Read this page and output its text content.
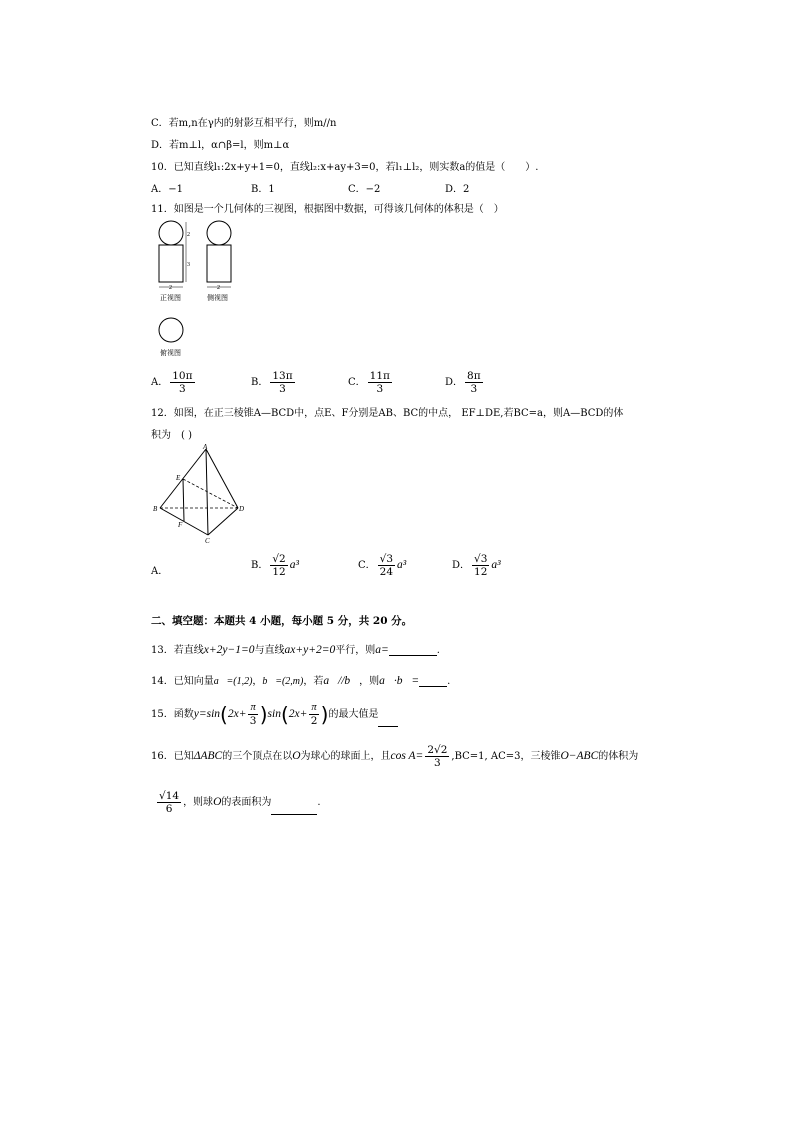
C．若m,n在γ内的射影互相平行，则m//n
D．若m⊥l，α∩β=l，则m⊥α
10．已知直线l₁:2x+y+1=0，直线l₂:x+ay+3=0，若l₁⊥l₂，则实数a的值是（　　）.
A．−1	B．1	C．−2	D．2
11．如图是一个几何体的三视图，根据图中数据，可得该几何体的体积是（　）
2
3
2	2
正视图	侧视图
俯视图
A． $\frac{10\pi}{3}$	B． $\frac{13\pi}{3}$	C． $\frac{11\pi}{3}$	D． $\frac{8\pi}{3}$
12．如图，在正三棱锥A—BCD中，点E、F分别是AB、BC的中点， EF⊥DE,若BC=a，则A—BCD的体
积为　( )
A
B
C
D
E
F
A．
B． $\frac{√2}{12} a^3$	C． $\frac{√3}{24} a^3$	D． $\frac{√3}{12} a^3$
二、填空题：本题共 4 小题，每小题 5 分，共 20 分。
13．若直线x+2y−1=0与直线ax+y+2=0平行，则a=	.
14．已知向量a⃗=(1,2)，b⃗=(2,m)，若a⃗//b⃗，则a⃗·b⃗=	.
15．函数$y=\sin(2x+ \frac{\pi}{3} )\sin(2x+ \frac{\pi}{2}$ )的最大值是
16．已知ΔABC的三个顶点在以O为球心的球面上，且$\cos A= \frac{2√2}{3} ,BC=1$, AC=3，三棱锥O−ABC的体积为
$\frac{√14}{6}$ ，则球O的表面积为	.
